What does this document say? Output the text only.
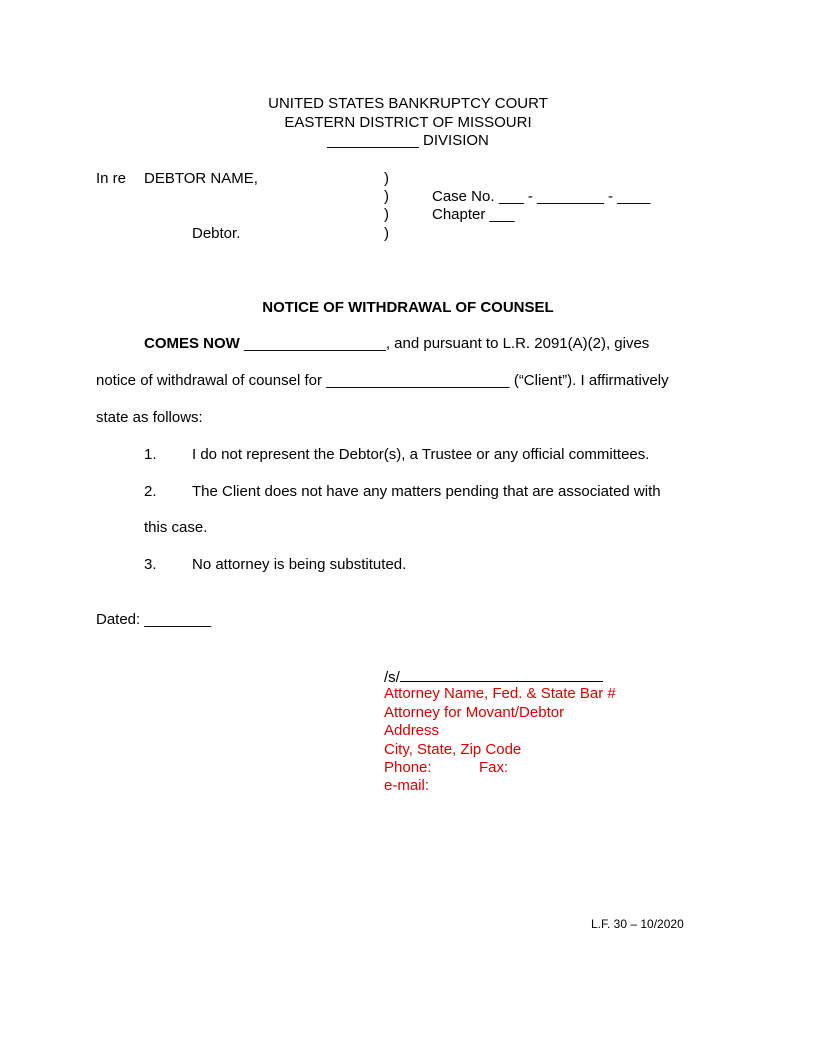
UNITED STATES BANKRUPTCY COURT
EASTERN DISTRICT OF MISSOURI
___________ DIVISION
In re DEBTOR NAME,
Debtor.
)
)
)
)
Case No. ___ - ________ - ____
Chapter ___
NOTICE OF WITHDRAWAL OF COUNSEL
COMES NOW _________________, and pursuant to L.R. 2091(A)(2), gives
notice of withdrawal of counsel for ______________________ (“Client”). I affirmatively
state as follows:
1. I do not represent the Debtor(s), a Trustee or any official committees.
2. The Client does not have any matters pending that are associated with
this case.
3. No attorney is being substituted.
Dated: ________
/s/
Attorney Name, Fed. & State Bar #
Attorney for Movant/Debtor
Address
City, State, Zip Code
Phone:	Fax:
e-mail:
L.F. 30 – 10/2020
